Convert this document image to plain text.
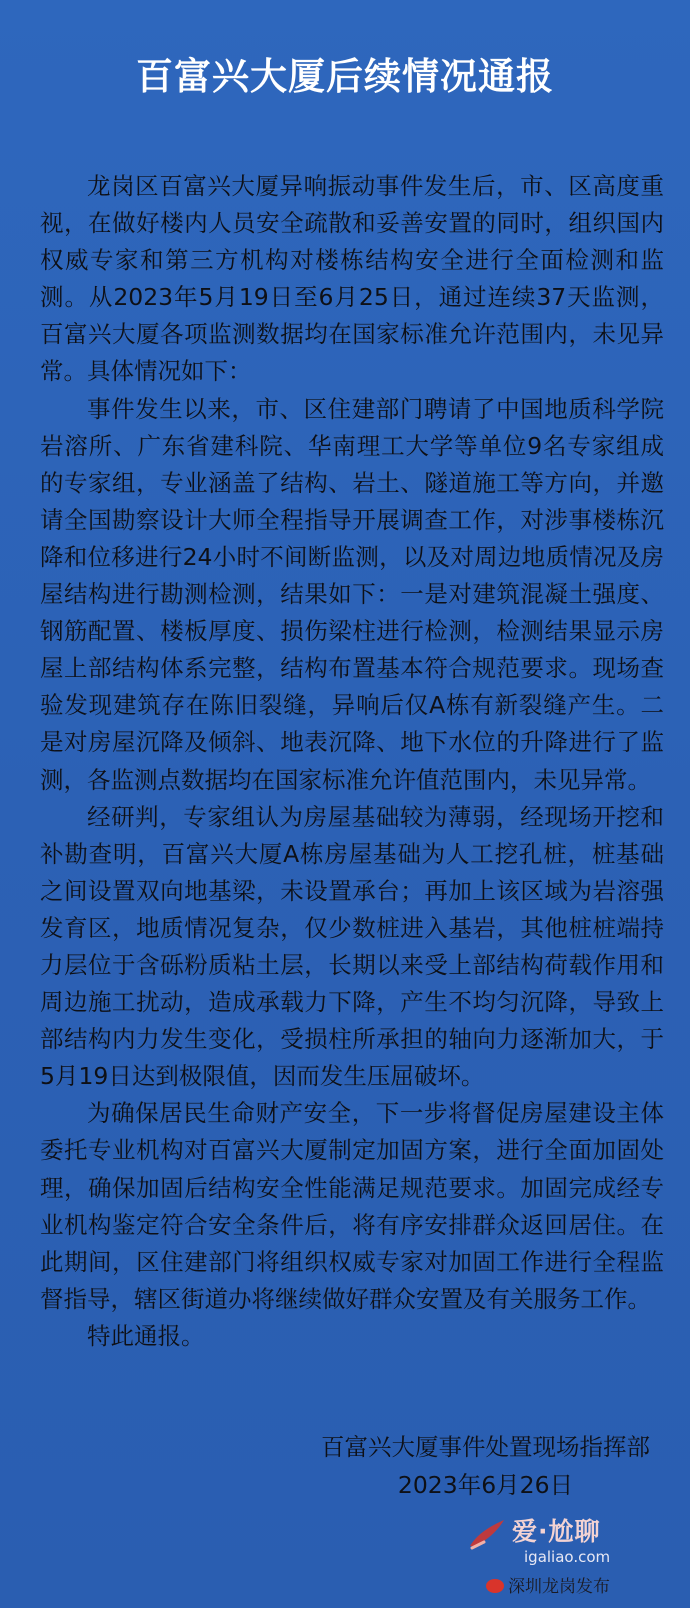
百富兴大厦后续情况通报

龙岗区百富兴大厦异响振动事件发生后，市、区高度重视，在做好楼内人员安全疏散和妥善安置的同时，组织国内权威专家和第三方机构对楼栋结构安全进行全面检测和监测。从2023年5月19日至6月25日，通过连续37天监测，百富兴大厦各项监测数据均在国家标准允许范围内，未见异常。具体情况如下：

事件发生以来，市、区住建部门聘请了中国地质科学院岩溶所、广东省建科院、华南理工大学等单位9名专家组成的专家组，专业涵盖了结构、岩土、隧道施工等方向，并邀请全国勘察设计大师全程指导开展调查工作，对涉事楼栋沉降和位移进行24小时不间断监测，以及对周边地质情况及房屋结构进行勘测检测，结果如下：一是对建筑混凝土强度、钢筋配置、楼板厚度、损伤梁柱进行检测，检测结果显示房屋上部结构体系完整，结构布置基本符合规范要求。现场查验发现建筑存在陈旧裂缝，异响后仅A栋有新裂缝产生。二是对房屋沉降及倾斜、地表沉降、地下水位的升降进行了监测，各监测点数据均在国家标准允许值范围内，未见异常。

经研判，专家组认为房屋基础较为薄弱，经现场开挖和补勘查明，百富兴大厦A栋房屋基础为人工挖孔桩，桩基础之间设置双向地基梁，未设置承台；再加上该区域为岩溶强发育区，地质情况复杂，仅少数桩进入基岩，其他桩桩端持力层位于含砾粉质粘土层，长期以来受上部结构荷载作用和周边施工扰动，造成承载力下降，产生不均匀沉降，导致上部结构内力发生变化，受损柱所承担的轴向力逐渐加大，于5月19日达到极限值，因而发生压屈破坏。

为确保居民生命财产安全，下一步将督促房屋建设主体委托专业机构对百富兴大厦制定加固方案，进行全面加固处理，确保加固后结构安全性能满足规范要求。加固完成经专业机构鉴定符合安全条件后，将有序安排群众返回居住。在此期间，区住建部门将组织权威专家对加固工作进行全程监督指导，辖区街道办将继续做好群众安置及有关服务工作。

特此通报。

百富兴大厦事件处置现场指挥部
2023年6月26日
爱·尬聊
igaliao.com
深圳龙岗发布
